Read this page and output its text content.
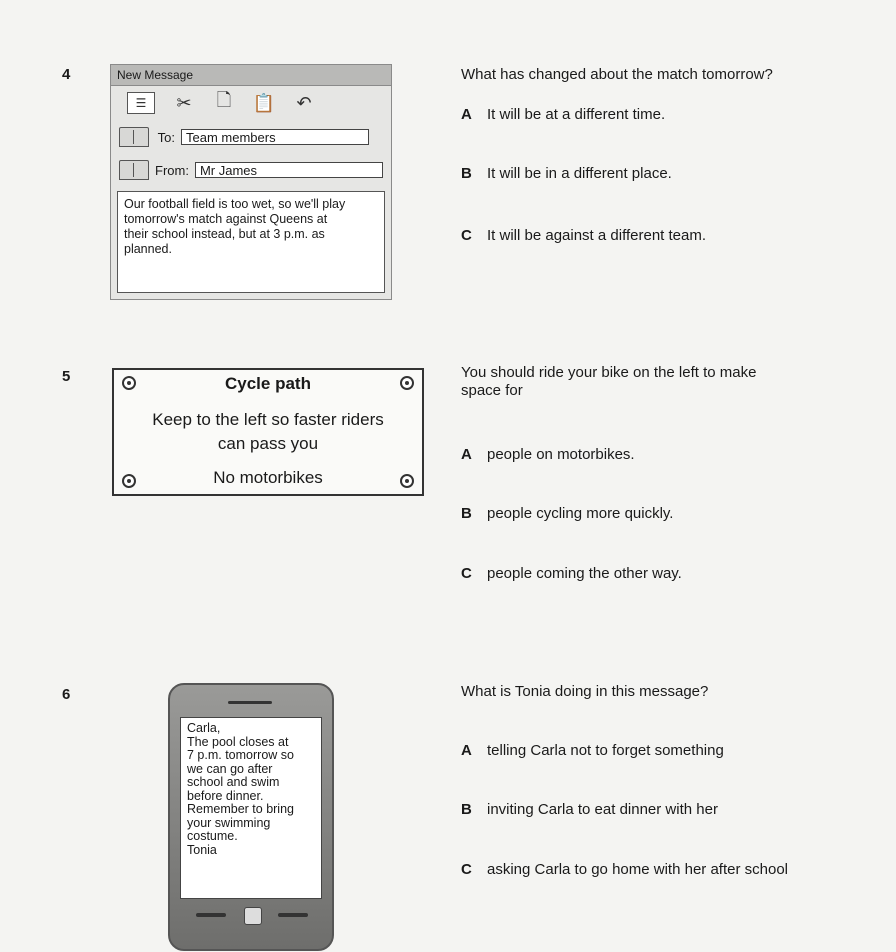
4	New Message
☰	✂ 🗋 📋 ↶
To: Team members
From: Mr James
Our football field is too wet, so we'll play
tomorrow's match against Queens at
their school instead, but at 3 p.m. as
planned.
What has changed about the match tomorrow?
A	It will be at a different time.
B	It will be in a different place.
C	It will be against a different team.
5	Cycle path
Keep to the left so faster riders
can pass you
No motorbikes
You should ride your bike on the left to make
space for
A	people on motorbikes.
B	people cycling more quickly.
C	people coming the other way.
6
Carla,
The pool closes at
7 p.m. tomorrow so
we can go after
school and swim
before dinner.
Remember to bring
your swimming
costume.
Tonia
What is Tonia doing in this message?
A	telling Carla not to forget something
B	inviting Carla to eat dinner with her
C	asking Carla to go home with her after school
